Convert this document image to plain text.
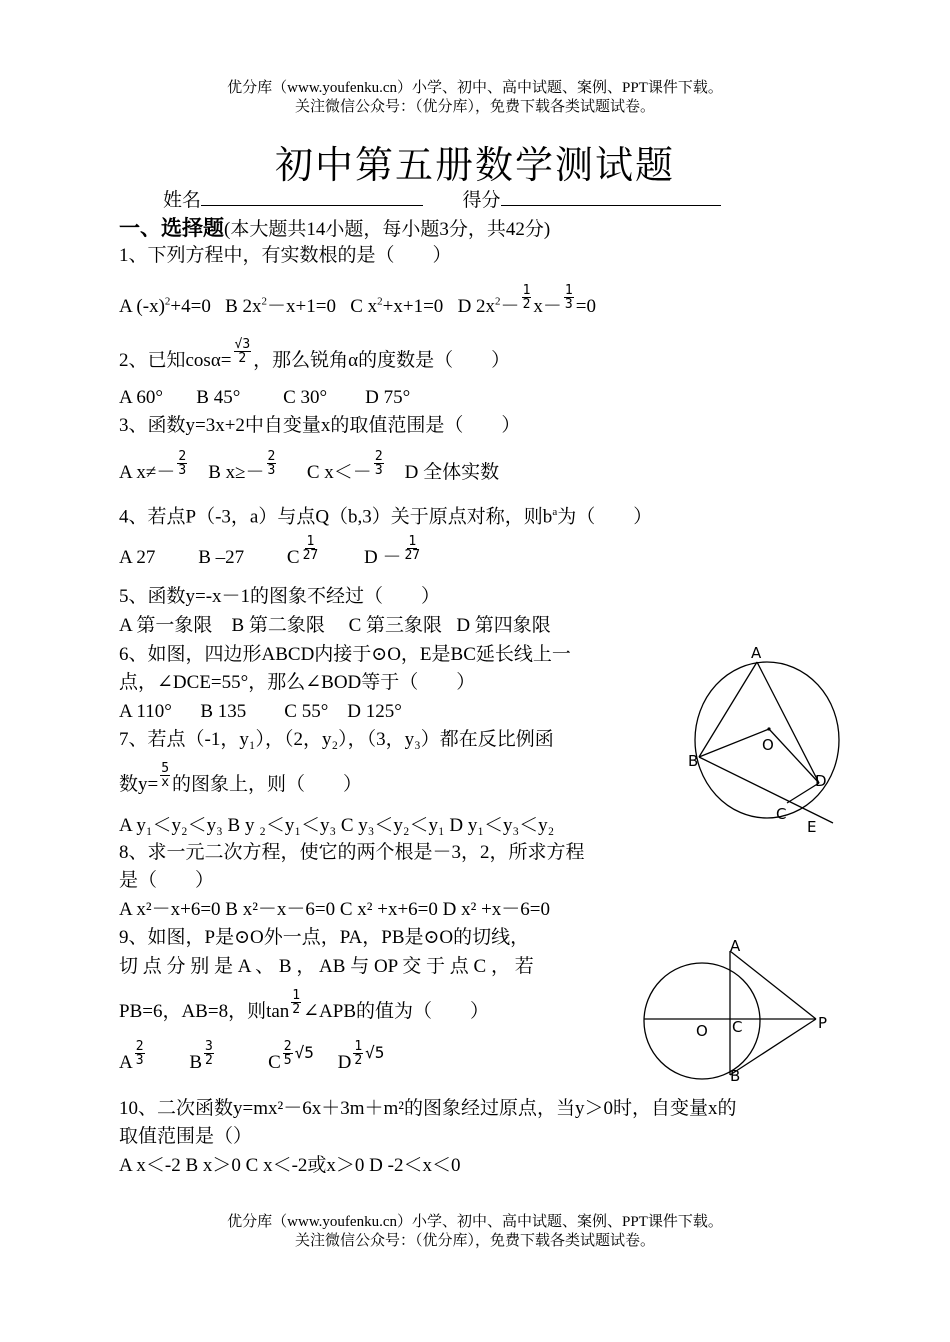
优分库（www.youfenku.cn）小学、初中、高中试题、案例、PPT课件下载。
关注微信公众号：（优分库），免费下载各类试题试卷。
初中第五册数学测试题
姓名	得分
一、选择题(本大题共14小题，每小题3分，共42分)
1、下列方程中，有实数根的是（　　）
A $(-x)^2+4=0$ B $2x^2-x+1=0$ C $x^2+x+1=0$ D $2x^2- \frac{1}{2} x- \frac{1}{3} =0$
2、已知$\cos\alpha= \frac{√3}{2}$ ，那么锐角α的度数是（　　）
A 60° B 45° C 30° D 75°
3、函数y=3x+2中自变量x的取值范围是（　　）
A $x\ne- \frac{2}{3}$ B $x\ge- \frac{2}{3}$ C $x<- \frac{2}{3}$ D 全体实数
4、若点P（-3，a）与点Q（b,3）关于原点对称，则$b^a$为（　　）
A 27 B –27 C $\frac{1}{27}$ $D - \frac{1}{27}$
5、函数y=-x－1的图象不经过（　　）
A 第一象限 B 第二象限 C 第三象限 D 第四象限
6、如图，四边形ABCD内接于⊙O，E是BC延长线上一
点，∠DCE=55°，那么∠BOD等于（　　）
A 110° B 135 C 55° D 125°
A
B
O
D
C
E
7、若点（-1，y₁），（2，y₂），（3，y₃）都在反比例函
数$y= \frac{5}{x}$ 的图象上，则（　　）
A y₁＜y₂＜y₃ B y ₂＜y₁＜y₃ C y₃＜y₂＜y₁ D y₁＜y₃＜y₂
8、求一元二次方程，使它的两个根是－3，2，所求方程
是（　　）
A x²－x+6=0 B x²－x－6=0 C x² +x+6=0 D x² +x－6=0
9、如图，P是⊙O外一点，PA，PB是⊙O的切线，
切 点 分 别 是 A 、 B ， AB 与 OP 交 于 点 C ， 若
PB=6，AB=8，则$\tan \frac{1}{2}$ ∠APB的值为（　　）
A $\frac{2}{3}$ B $\frac{3}{2}$	C $\frac{2}{5} ^{√5}$ D $\frac{1}{2} ^{√5}$
A
O C	P
B
10、二次函数y=mx²－6x＋3m＋m²的图象经过原点，当y＞0时，自变量x的
取值范围是（）
A x＜-2 B x＞0 C x＜-2或x＞0 D -2＜x＜0
优分库（www.youfenku.cn）小学、初中、高中试题、案例、PPT课件下载。
关注微信公众号：（优分库），免费下载各类试题试卷。
